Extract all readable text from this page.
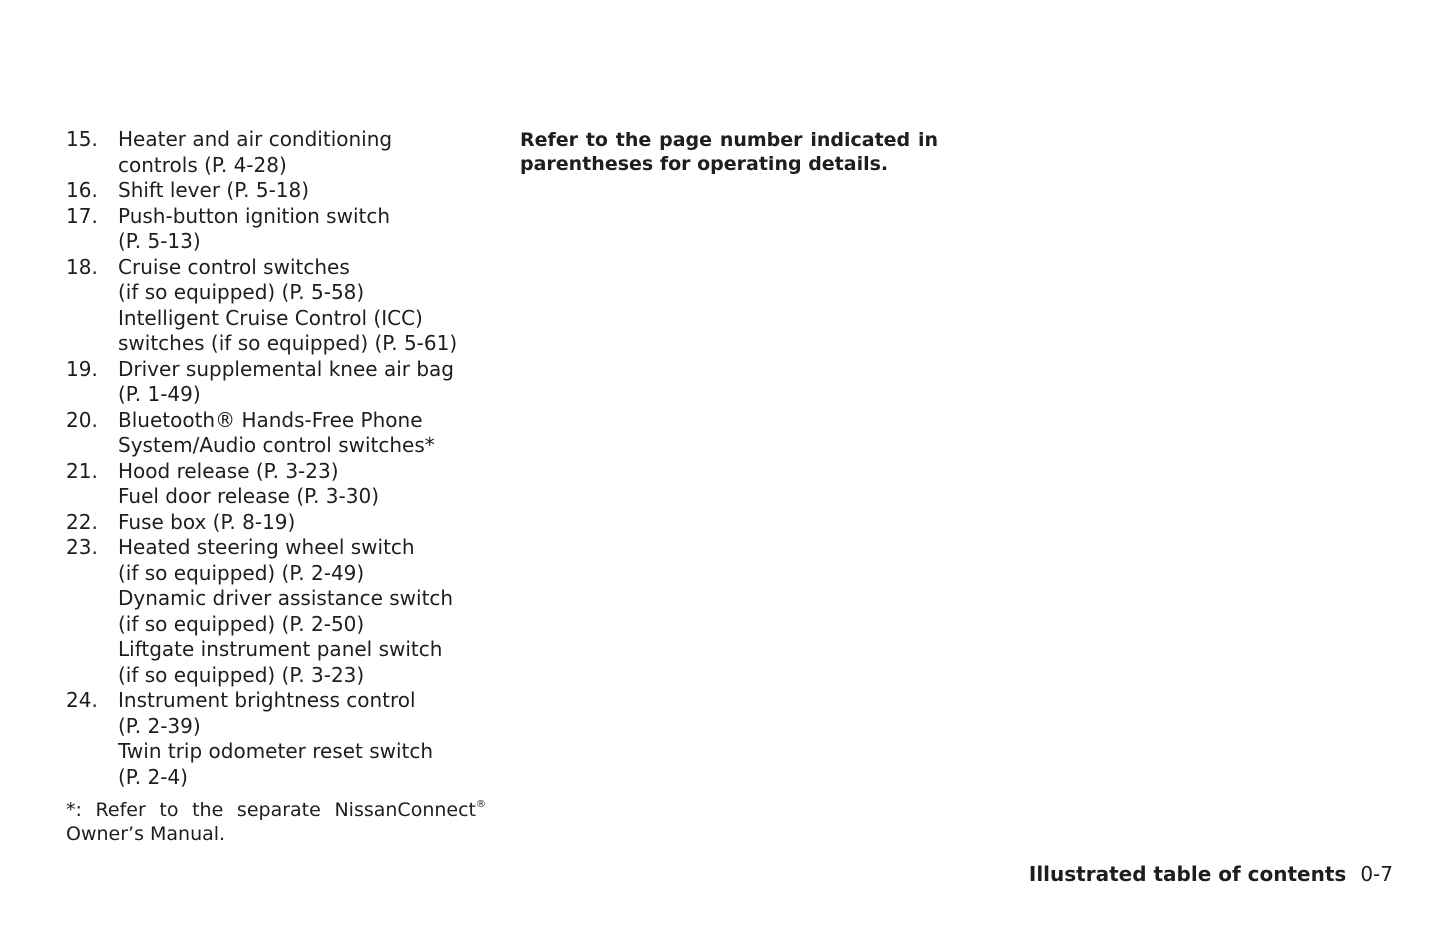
15.	Heater and air conditioning
controls (P. 4-28)
16.	Shift lever (P. 5-18)
17.	Push-button ignition switch
(P. 5-13)
18.	Cruise control switches
(if so equipped) (P. 5-58)
Intelligent Cruise Control (ICC)
switches (if so equipped) (P. 5-61)
19.	Driver supplemental knee air bag
(P. 1-49)
20.	Bluetooth® Hands-Free Phone
System/Audio control switches*
21.	Hood release (P. 3-23)
Fuel door release (P. 3-30)
22.	Fuse box (P. 8-19)
23.	Heated steering wheel switch
(if so equipped) (P. 2-49)
Dynamic driver assistance switch
(if so equipped) (P. 2-50)
Liftgate instrument panel switch
(if so equipped) (P. 3-23)
24.	Instrument brightness control
(P. 2-39)
Twin trip odometer reset switch
(P. 2-4)
*: Refer to the separate NissanConnect® Owner’s Manual.
Refer to the page number indicated in parentheses for operating details.
Illustrated table of contents 0-7
